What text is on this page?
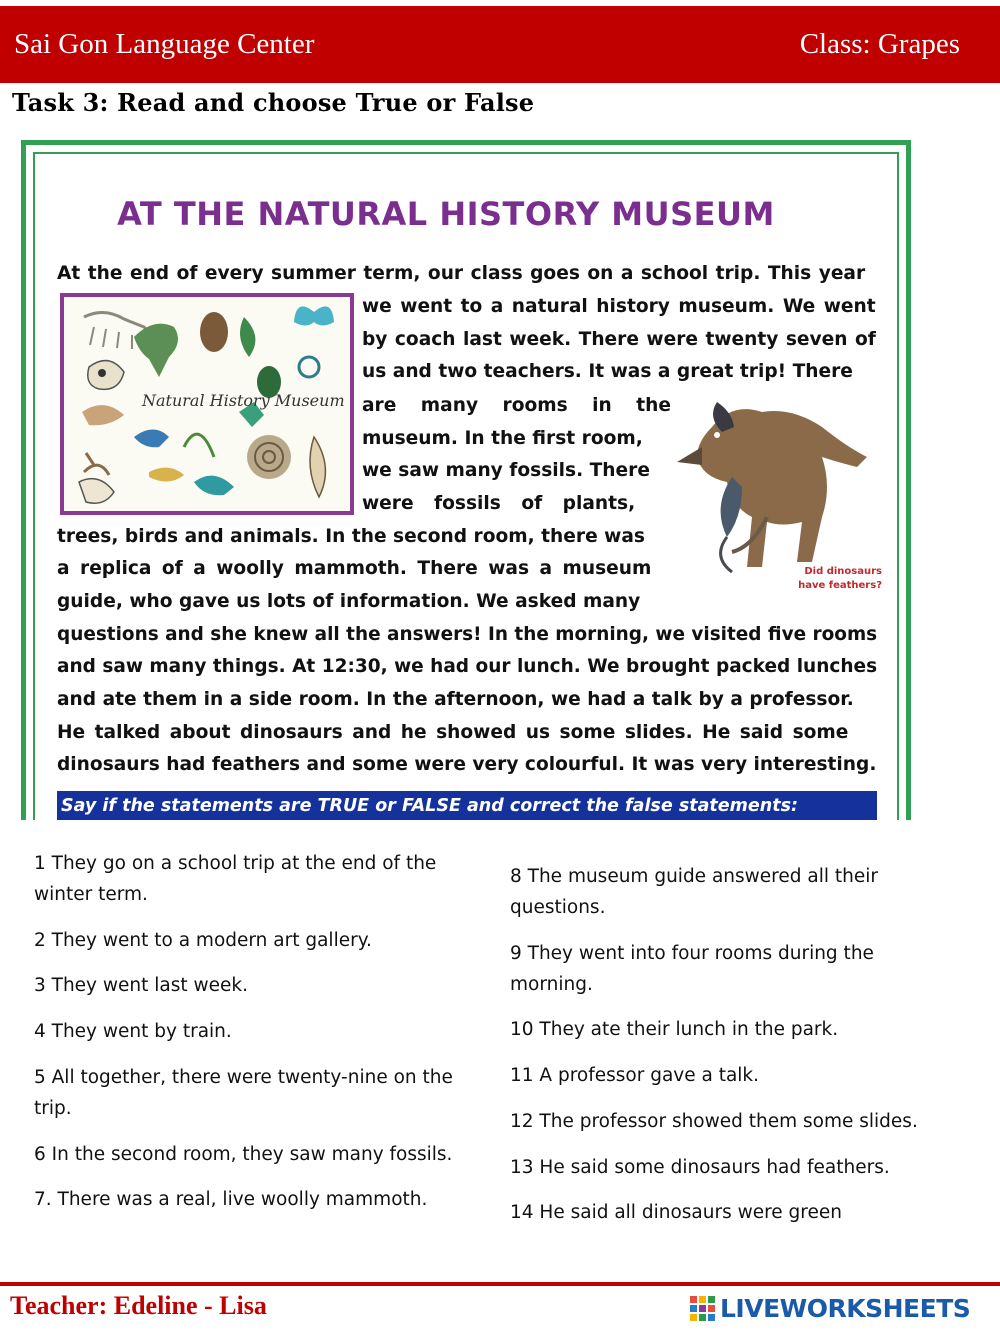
Sai Gon Language Center	Class: Grapes
Task 3: Read and choose True or False
AT THE NATURAL HISTORY MUSEUM
At the end of every summer term, our class goes on a school trip. This year
we went to a natural history museum. We went
by coach last week. There were twenty seven of
us and two teachers. It was a great trip! There
are many rooms in the
museum. In the first room,
we saw many fossils. There
were fossils of plants,
trees, birds and animals. In the second room, there was
a replica of a woolly mammoth. There was a museum
guide, who gave us lots of information. We asked many
questions and she knew all the answers! In the morning, we visited five rooms
and saw many things. At 12:30, we had our lunch. We brought packed lunches
and ate them in a side room. In the afternoon, we had a talk by a professor.
He talked about dinosaurs and he showed us some slides. He said some
dinosaurs had feathers and some were very colourful. It was very interesting.
Natural History Museum
Did dinosaurs have feathers?
Say if the statements are TRUE or FALSE and correct the false statements:
1 They go on a school trip at the end of the winter term.
2 They went to a modern art gallery.
3 They went last week.
4 They went by train.
5 All together, there were twenty-nine on the trip.
6 In the second room, they saw many fossils.
7. There was a real, live woolly mammoth.
8 The museum guide answered all their questions.
9 They went into four rooms during the morning.
10 They ate their lunch in the park.
11 A professor gave a talk.
12 The professor showed them some slides.
13 He said some dinosaurs had feathers.
14 He said all dinosaurs were green
Teacher: Edeline - Lisa	LIVEWORKSHEETS
